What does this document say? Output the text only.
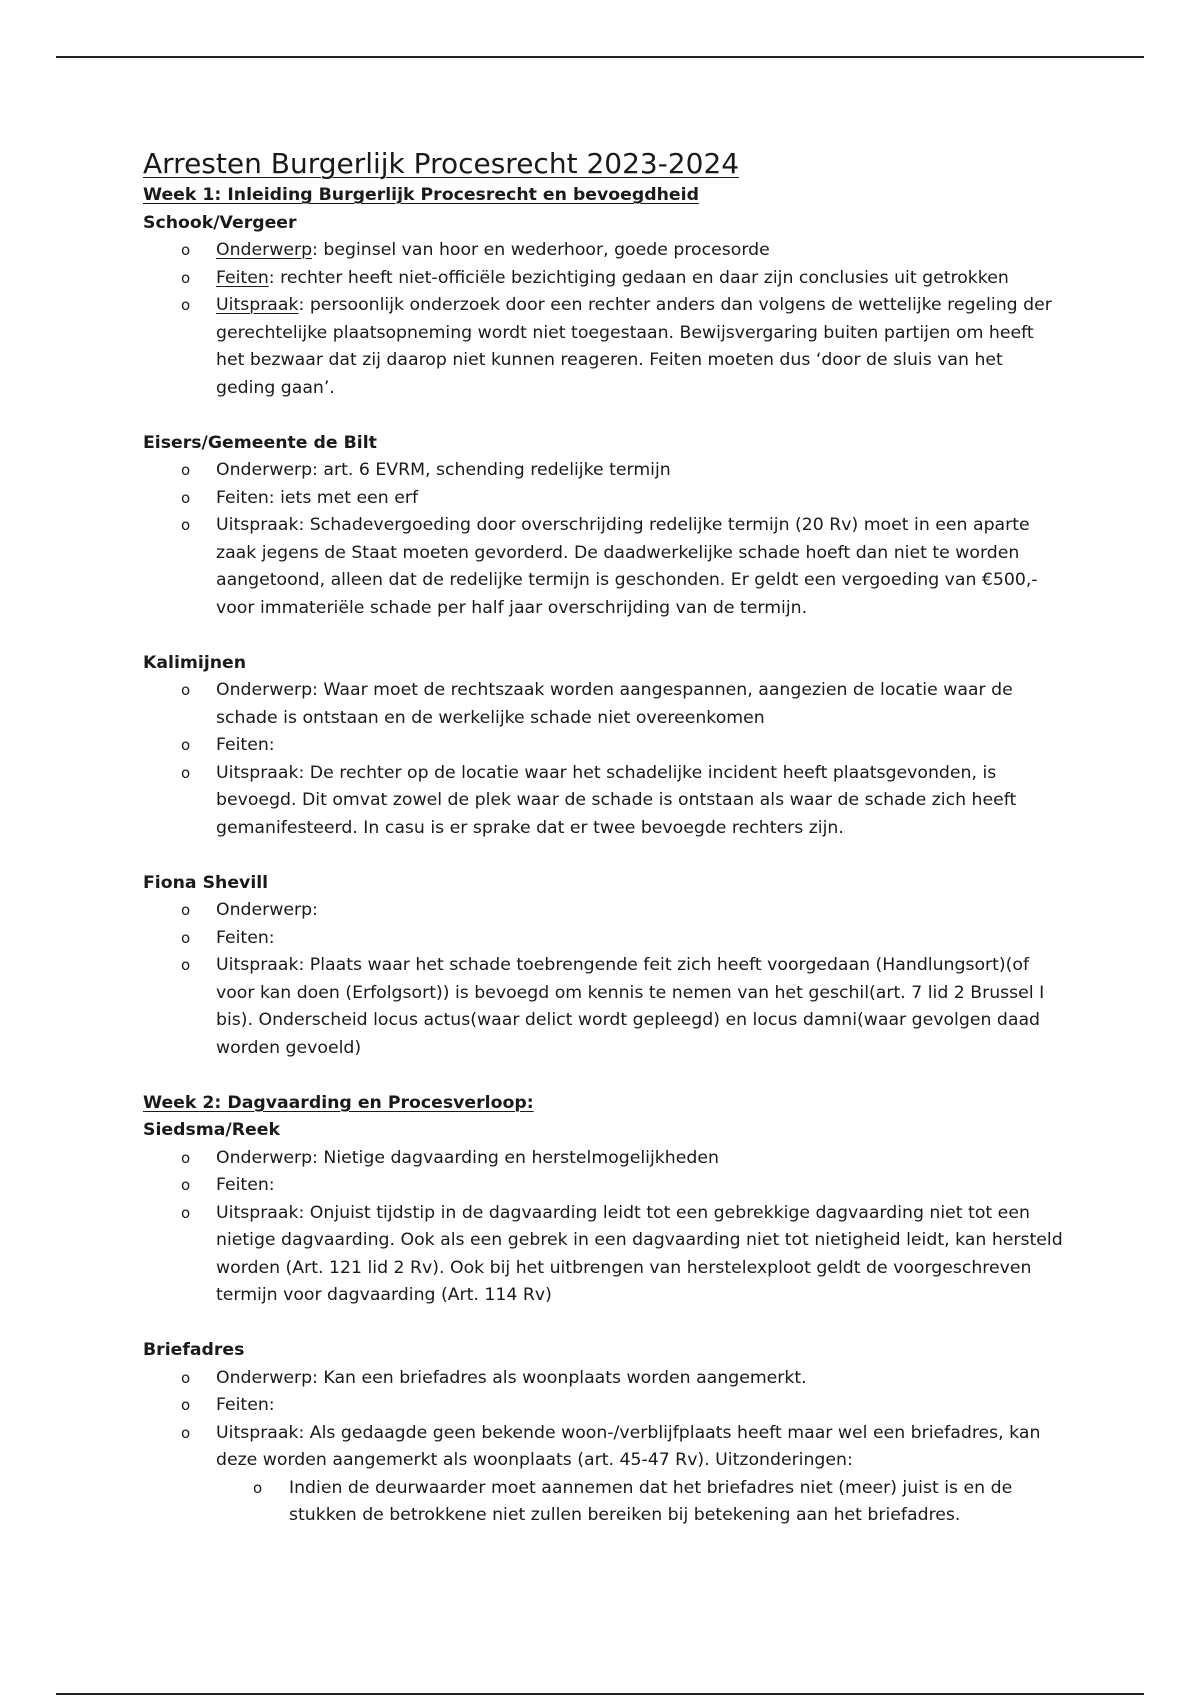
Arresten Burgerlijk Procesrecht 2023-2024
Week 1: Inleiding Burgerlijk Procesrecht en bevoegdheid
Schook/Vergeer
o Onderwerp: beginsel van hoor en wederhoor, goede procesorde
o Feiten: rechter heeft niet-officiële bezichtiging gedaan en daar zijn conclusies uit getrokken
o Uitspraak: persoonlijk onderzoek door een rechter anders dan volgens de wettelijke regeling der gerechtelijke plaatsopneming wordt niet toegestaan. Bewijsvergaring buiten partijen om heeft het bezwaar dat zij daarop niet kunnen reageren. Feiten moeten dus ‘door de sluis van het geding gaan’.
Eisers/Gemeente de Bilt
o Onderwerp: art. 6 EVRM, schending redelijke termijn
o Feiten: iets met een erf
o Uitspraak: Schadevergoeding door overschrijding redelijke termijn (20 Rv) moet in een aparte zaak jegens de Staat moeten gevorderd. De daadwerkelijke schade hoeft dan niet te worden aangetoond, alleen dat de redelijke termijn is geschonden. Er geldt een vergoeding van €500,- voor immateriële schade per half jaar overschrijding van de termijn.
Kalimijnen
o Onderwerp: Waar moet de rechtszaak worden aangespannen, aangezien de locatie waar de schade is ontstaan en de werkelijke schade niet overeenkomen
o Feiten:
o Uitspraak: De rechter op de locatie waar het schadelijke incident heeft plaatsgevonden, is bevoegd. Dit omvat zowel de plek waar de schade is ontstaan als waar de schade zich heeft gemanifesteerd. In casu is er sprake dat er twee bevoegde rechters zijn.
Fiona Shevill
o Onderwerp:
o Feiten:
o Uitspraak: Plaats waar het schade toebrengende feit zich heeft voorgedaan (Handlungsort)(of voor kan doen (Erfolgsort)) is bevoegd om kennis te nemen van het geschil(art. 7 lid 2 Brussel I bis). Onderscheid locus actus(waar delict wordt gepleegd) en locus damni(waar gevolgen daad worden gevoeld)
Week 2: Dagvaarding en Procesverloop:
Siedsma/Reek
o Onderwerp: Nietige dagvaarding en herstelmogelijkheden
o Feiten:
o Uitspraak: Onjuist tijdstip in de dagvaarding leidt tot een gebrekkige dagvaarding niet tot een nietige dagvaarding. Ook als een gebrek in een dagvaarding niet tot nietigheid leidt, kan hersteld worden (Art. 121 lid 2 Rv). Ook bij het uitbrengen van herstelexploot geldt de voorgeschreven termijn voor dagvaarding (Art. 114 Rv)
Briefadres
o Onderwerp: Kan een briefadres als woonplaats worden aangemerkt.
o Feiten:
o Uitspraak: Als gedaagde geen bekende woon-/verblijfplaats heeft maar wel een briefadres, kan deze worden aangemerkt als woonplaats (art. 45-47 Rv). Uitzonderingen:
o Indien de deurwaarder moet aannemen dat het briefadres niet (meer) juist is en de stukken de betrokkene niet zullen bereiken bij betekening aan het briefadres.
